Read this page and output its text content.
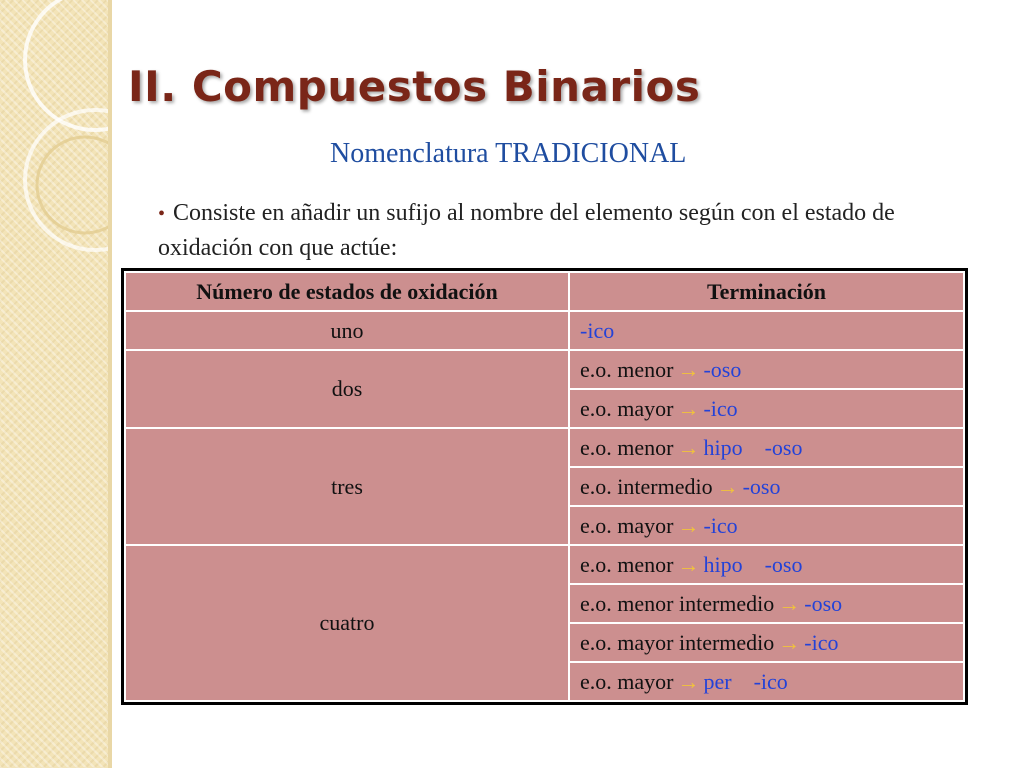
II. Compuestos Binarios
Nomenclatura TRADICIONAL
• Consiste en añadir un sufijo al nombre del elemento según con el estado de oxidación con que actúe:
Número de estados de oxidación	Terminación
uno	-ico
dos	e.o. menor → -oso
	e.o. mayor → -ico
tres	e.o. menor → hipo -oso
	e.o. intermedio → -oso
	e.o. mayor → -ico
cuatro	e.o. menor → hipo -oso
	e.o. menor intermedio → -oso
	e.o. mayor intermedio → -ico
	e.o. mayor → per -ico
